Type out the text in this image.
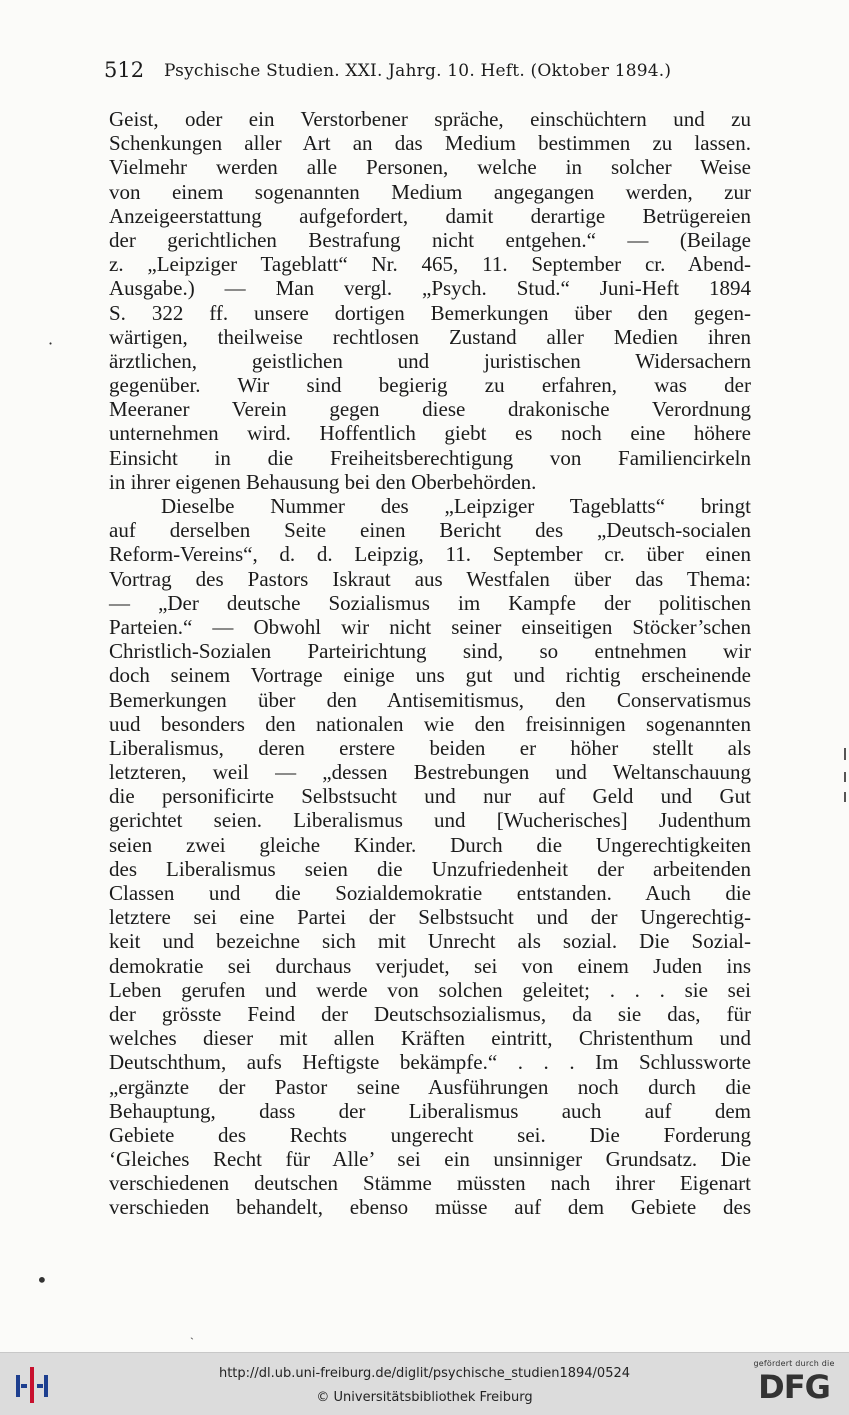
512 Psychische Studien. XXI. Jahrg. 10. Heft. (Oktober 1894.)
Geist, oder ein Verstorbener spräche, einschüchtern und zu
Schenkungen aller Art an das Medium bestimmen zu lassen.
Vielmehr werden alle Personen, welche in solcher Weise
von einem sogenannten Medium angegangen werden, zur
Anzeigeerstattung aufgefordert, damit derartige Betrügereien
der gerichtlichen Bestrafung nicht entgehen.“ — (Beilage
z. „Leipziger Tageblatt“ Nr. 465, 11. September cr. Abend-
Ausgabe.) — Man vergl. „Psych. Stud.“ Juni-Heft 1894
S. 322 ff. unsere dortigen Bemerkungen über den gegen-
wärtigen, theilweise rechtlosen Zustand aller Medien ihren
ärztlichen, geistlichen und juristischen Widersachern
gegenüber. Wir sind begierig zu erfahren, was der
Meeraner Verein gegen diese drakonische Verordnung
unternehmen wird. Hoffentlich giebt es noch eine höhere
Einsicht in die Freiheitsberechtigung von Familiencirkeln
in ihrer eigenen Behausung bei den Oberbehörden.
Dieselbe Nummer des „Leipziger Tageblatts“ bringt
auf derselben Seite einen Bericht des „Deutsch-socialen
Reform-Vereins“, d. d. Leipzig, 11. September cr. über einen
Vortrag des Pastors Iskraut aus Westfalen über das Thema:
— „Der deutsche Sozialismus im Kampfe der politischen
Parteien.“ — Obwohl wir nicht seiner einseitigen Stöcker’schen
Christlich-Sozialen Parteirichtung sind, so entnehmen wir
doch seinem Vortrage einige uns gut und richtig erscheinende
Bemerkungen über den Antisemitismus, den Conservatismus
uud besonders den nationalen wie den freisinnigen sogenannten
Liberalismus, deren erstere beiden er höher stellt als
letzteren, weil — „dessen Bestrebungen und Weltanschauung
die personificirte Selbstsucht und nur auf Geld und Gut
gerichtet seien. Liberalismus und [Wucherisches] Judenthum
seien zwei gleiche Kinder. Durch die Ungerechtigkeiten
des Liberalismus seien die Unzufriedenheit der arbeitenden
Classen und die Sozialdemokratie entstanden. Auch die
letztere sei eine Partei der Selbstsucht und der Ungerechtig-
keit und bezeichne sich mit Unrecht als sozial. Die Sozial-
demokratie sei durchaus verjudet, sei von einem Juden ins
Leben gerufen und werde von solchen geleitet; . . . sie sei
der grösste Feind der Deutschsozialismus, da sie das, für
welches dieser mit allen Kräften eintritt, Christenthum und
Deutschthum, aufs Heftigste bekämpfe.“ . . . Im Schlussworte
„ergänzte der Pastor seine Ausführungen noch durch die
Behauptung, dass der Liberalismus auch auf dem
Gebiete des Rechts ungerecht sei. Die Forderung
‘Gleiches Recht für Alle’ sei ein unsinniger Grundsatz. Die
verschiedenen deutschen Stämme müssten nach ihrer Eigenart
verschieden behandelt, ebenso müsse auf dem Gebiete des
·
•
ˏ
http://dl.ub.uni-freiburg.de/diglit/psychische_studien1894/0524
© Universitätsbibliothek Freiburg
gefördert durch die
DFG
